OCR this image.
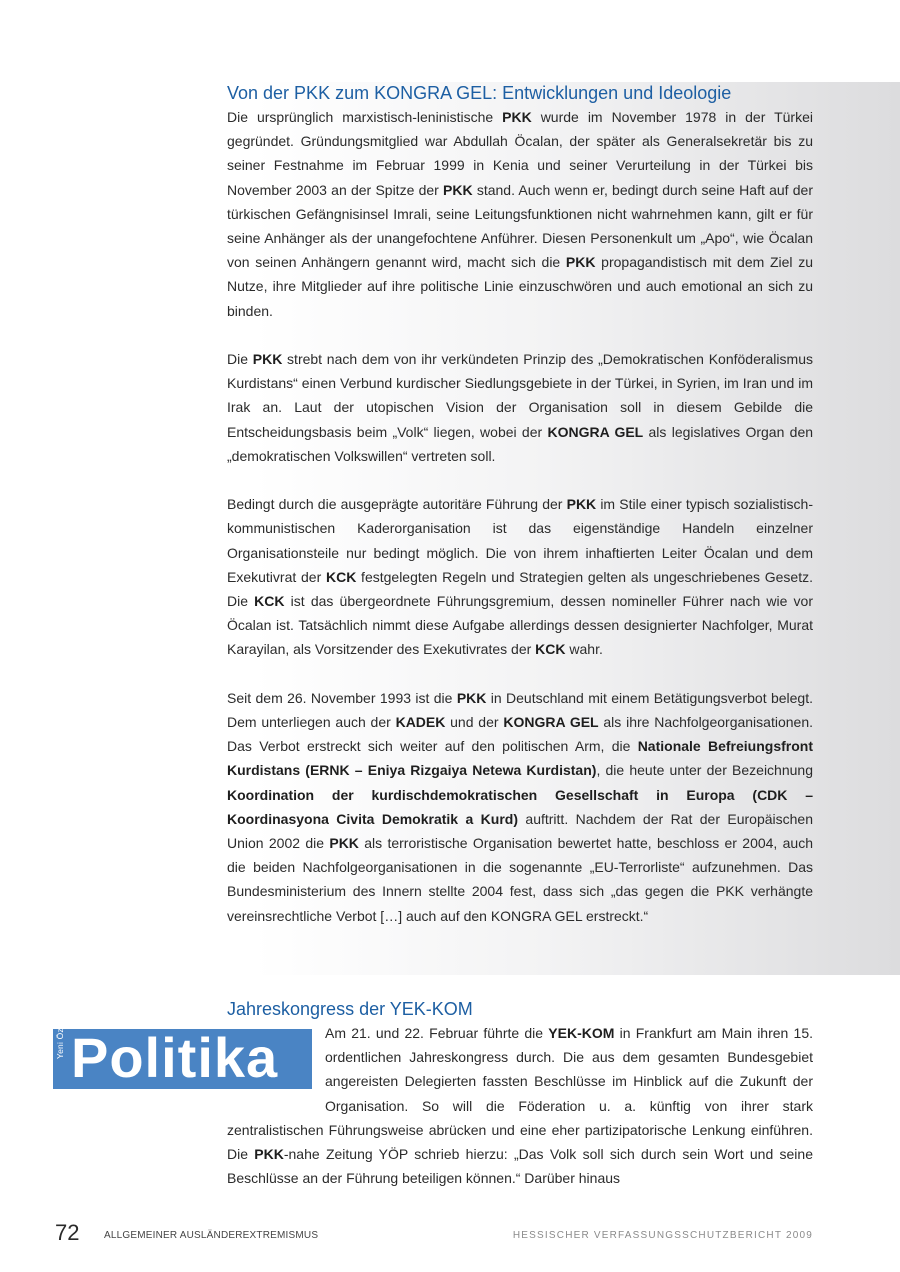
Von der PKK zum KONGRA GEL: Entwicklungen und Ideologie

Die ursprünglich marxistisch-leninistische PKK wurde im November 1978 in der Türkei gegründet. Gründungsmitglied war Abdullah Öcalan, der später als Generalsekretär bis zu seiner Festnahme im Februar 1999 in Kenia und seiner Verurteilung in der Türkei bis November 2003 an der Spitze der PKK stand. Auch wenn er, bedingt durch seine Haft auf der türkischen Gefängnisinsel Imrali, seine Leitungsfunktionen nicht wahrnehmen kann, gilt er für seine Anhänger als der unangefochtene Anführer. Diesen Personenkult um „Apo“, wie Öcalan von seinen Anhängern genannt wird, macht sich die PKK propagandistisch mit dem Ziel zu Nutze, ihre Mitglieder auf ihre politische Linie einzuschwören und auch emotional an sich zu binden.

Die PKK strebt nach dem von ihr verkündeten Prinzip des „Demokratischen Konföderalismus Kurdistans“ einen Verbund kurdischer Siedlungsgebiete in der Türkei, in Syrien, im Iran und im Irak an. Laut der utopischen Vision der Organisation soll in diesem Gebilde die Entscheidungsbasis beim „Volk“ liegen, wobei der KONGRA GEL als legislatives Organ den „demokratischen Volkswillen“ vertreten soll.

Bedingt durch die ausgeprägte autoritäre Führung der PKK im Stile einer typisch sozialistisch-kommunistischen Kaderorganisation ist das eigenständige Handeln einzelner Organisationsteile nur bedingt möglich. Die von ihrem inhaftierten Leiter Öcalan und dem Exekutivrat der KCK festgelegten Regeln und Strategien gelten als ungeschriebenes Gesetz. Die KCK ist das übergeordnete Führungsgremium, dessen nomineller Führer nach wie vor Öcalan ist. Tatsächlich nimmt diese Aufgabe allerdings dessen designierter Nachfolger, Murat Karayilan, als Vorsitzender des Exekutivrates der KCK wahr.

Seit dem 26. November 1993 ist die PKK in Deutschland mit einem Betätigungsverbot belegt. Dem unterliegen auch der KADEK und der KONGRA GEL als ihre Nachfolgeorganisationen. Das Verbot erstreckt sich weiter auf den politischen Arm, die Nationale Befreiungsfront Kurdistans (ERNK – Eniya Rizgaiya Netewa Kurdistan), die heute unter der Bezeichnung Koordination der kurdischdemokratischen Gesellschaft in Europa (CDK – Koordinasyona Civita Demokratik a Kurd) auftritt. Nachdem der Rat der Europäischen Union 2002 die PKK als terroristische Organisation bewertet hatte, beschloss er 2004, auch die beiden Nachfolgeorganisationen in die sogenannte „EU-Terrorliste“ aufzunehmen. Das Bundesministerium des Innern stellte 2004 fest, dass sich „das gegen die PKK verhängte vereinsrechtliche Verbot […] auch auf den KONGRA GEL erstreckt.“

Jahreskongress der YEK-KOM
Yeni Özgür Politika	Am 21. und 22. Februar führte die YEK-KOM in Frankfurt am Main ihren 15. ordentlichen Jahreskongress durch. Die aus dem gesamten Bundesgebiet angereisten Delegierten fassten Beschlüsse im Hinblick auf die Zukunft der Organisation. So will die Föderation u. a. künftig von ihrer stark zentralistischen Führungsweise abrücken und eine eher partizipatorische Lenkung einführen. Die PKK-nahe Zeitung YÖP schrieb hierzu: „Das Volk soll sich durch sein Wort und seine Beschlüsse an der Führung beteiligen können.“ Darüber hinaus

72 ALLGEMEINER AUSLÄNDEREXTREMISMUS	HESSISCHER VERFASSUNGSSCHUTZBERICHT 2009
